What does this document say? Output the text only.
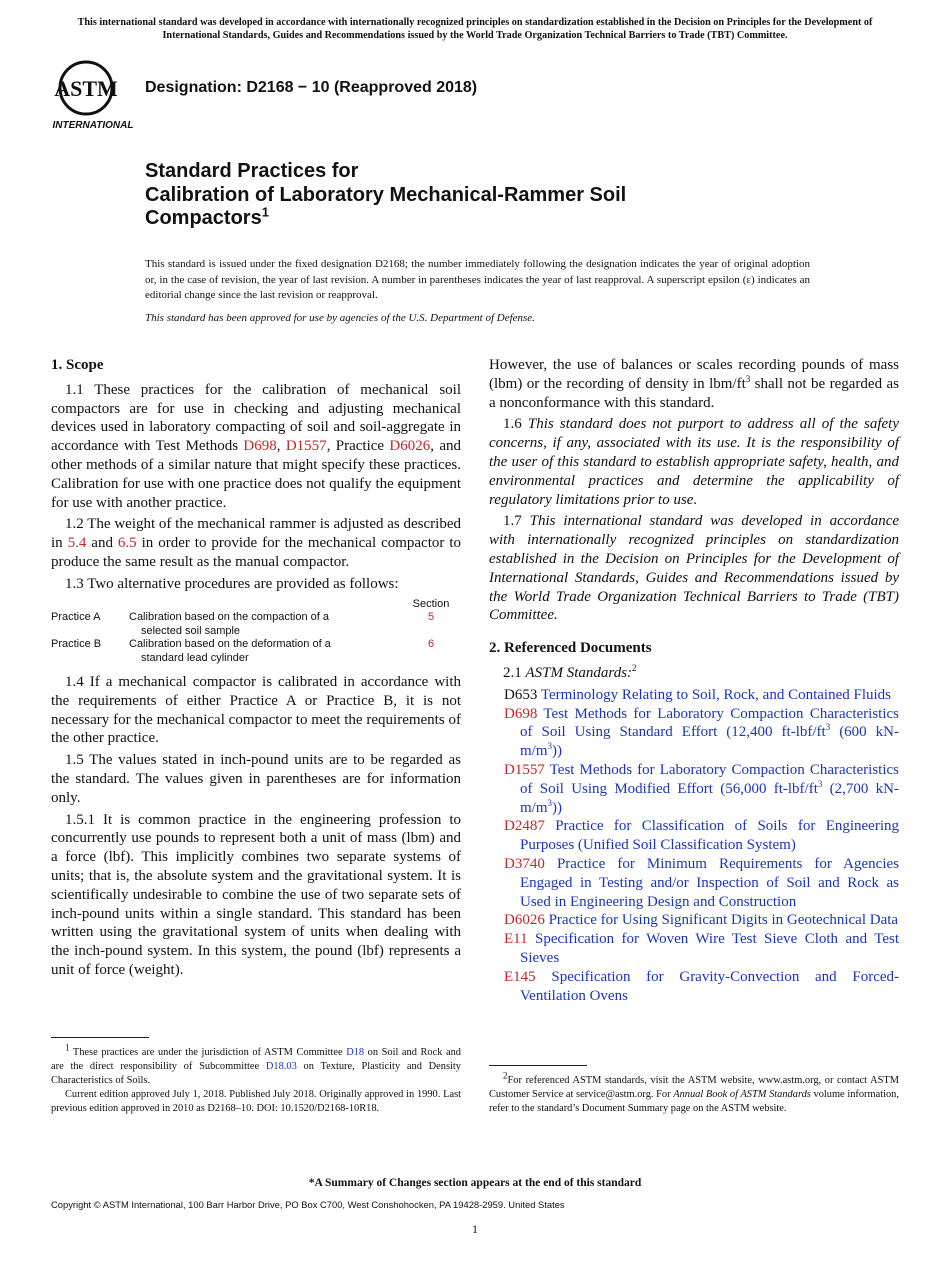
This international standard was developed in accordance with internationally recognized principles on standardization established in the Decision on Principles for the Development of International Standards, Guides and Recommendations issued by the World Trade Organization Technical Barriers to Trade (TBT) Committee.
ASTM
INTERNATIONAL
Designation: D2168 − 10 (Reapproved 2018)
Standard Practices for
Calibration of Laboratory Mechanical-Rammer Soil
Compactors$^1$
This standard is issued under the fixed designation D2168; the number immediately following the designation indicates the year of original adoption or, in the case of revision, the year of last revision. A number in parentheses indicates the year of last reapproval. A superscript epsilon (ε) indicates an editorial change since the last revision or reapproval.
This standard has been approved for use by agencies of the U.S. Department of Defense.

1. Scope

1.1 These practices for the calibration of mechanical soil compactors are for use in checking and adjusting mechanical devices used in laboratory compacting of soil and soil-aggregate in accordance with Test Methods D698, D1557, Practice D6026, and other methods of a similar nature that might specify these practices. Calibration for use with one practice does not qualify the equipment for use with another practice.

1.2 The weight of the mechanical rammer is adjusted as described in 5.4 and 6.5 in order to provide for the mechanical compactor to produce the same result as the manual compactor.

1.3 Two alternative procedures are provided as follows:

		Section
Practice A	Calibration based on the compaction of a
selected soil sample	5
Practice B	Calibration based on the deformation of a
standard lead cylinder	6

1.4 If a mechanical compactor is calibrated in accordance with the requirements of either Practice A or Practice B, it is not necessary for the mechanical compactor to meet the requirements of the other practice.

1.5 The values stated in inch-pound units are to be regarded as the standard. The values given in parentheses are for information only.

1.5.1 It is common practice in the engineering profession to concurrently use pounds to represent both a unit of mass (lbm) and a force (lbf). This implicitly combines two separate systems of units; that is, the absolute system and the gravitational system. It is scientifically undesirable to combine the use of two separate sets of inch-pound units within a single standard. This standard has been written using the gravitational system of units when dealing with the inch-pound system. In this system, the pound (lbf) represents a unit of force (weight).

However, the use of balances or scales recording pounds of mass (lbm) or the recording of density in lbm/$ft^3$ shall not be regarded as a nonconformance with this standard.

1.6 This standard does not purport to address all of the safety concerns, if any, associated with its use. It is the responsibility of the user of this standard to establish appropriate safety, health, and environmental practices and determine the applicability of regulatory limitations prior to use.

1.7 This international standard was developed in accordance with internationally recognized principles on standardization established in the Decision on Principles for the Development of International Standards, Guides and Recommendations issued by the World Trade Organization Technical Barriers to Trade (TBT) Committee.

2. Referenced Documents

2.1 ASTM Standards:$^2$

D653 Terminology Relating to Soil, Rock, and Contained Fluids

D698 Test Methods for Laboratory Compaction Characteristics of Soil Using Standard Effort (12,400 $ft-lbf/ft^3$ (600 $kN-m/m^3$))

D1557 Test Methods for Laboratory Compaction Characteristics of Soil Using Modified Effort (56,000 $ft-lbf/ft^3$ (2,700 $kN-m/m^3$))

D2487 Practice for Classification of Soils for Engineering Purposes (Unified Soil Classification System)

D3740 Practice for Minimum Requirements for Agencies Engaged in Testing and/or Inspection of Soil and Rock as Used in Engineering Design and Construction

D6026 Practice for Using Significant Digits in Geotechnical Data

E11 Specification for Woven Wire Test Sieve Cloth and Test Sieves

E145 Specification for Gravity-Convection and Forced-Ventilation Ovens

$^1$ These practices are under the jurisdiction of ASTM Committee D18 on Soil and Rock and are the direct responsibility of Subcommittee D18.03 on Texture, Plasticity and Density Characteristics of Soils.

Current edition approved July 1, 2018. Published July 2018. Originally approved in 1990. Last previous edition approved in 2010 as D2168–10. DOI: 10.1520/D2168-10R18.

$^2$For referenced ASTM standards, visit the ASTM website, www.astm.org, or contact ASTM Customer Service at service@astm.org. For Annual Book of ASTM Standards volume information, refer to the standard’s Document Summary page on the ASTM website.

*A Summary of Changes section appears at the end of this standard
Copyright © ASTM International, 100 Barr Harbor Drive, PO Box C700, West Conshohocken, PA 19428-2959. United States
1
